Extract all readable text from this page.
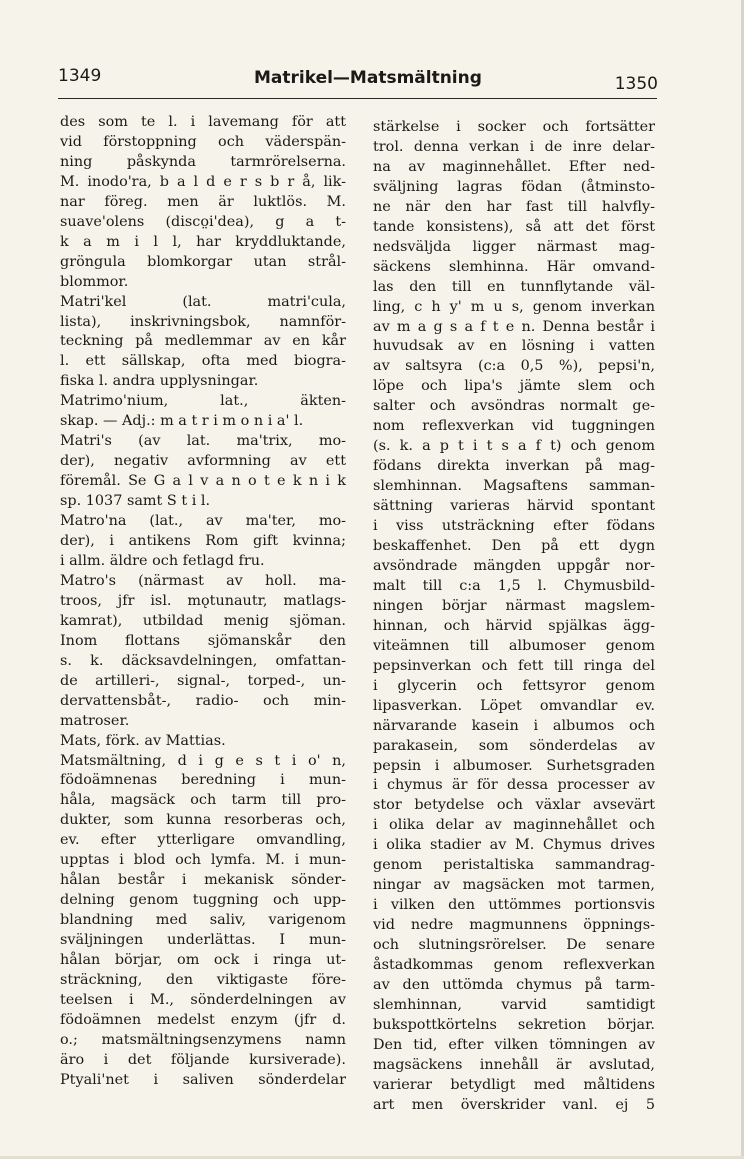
1349	Matrikel—Matsmältning	1350
des som te l. i lavemang för att
vid förstoppning och väderspän-
ning påskynda tarmrörelserna.
M. inodo'ra, b a l d e r s b r å, lik-
nar föreg. men är luktlös. M.
suave'olens (disco̤i'dea), g a t-
k a m i l l, har kryddluktande,
gröngula blomkorgar utan strål-
blommor.
Matri'kel (lat. matri'cula,
lista), inskrivningsbok, namnför-
teckning på medlemmar av en kår
l. ett sällskap, ofta med biogra-
fiska l. andra upplysningar.
Matrimo'nium, lat., äkten-
skap. — Adj.: m a t r i m o n i a' l.
Matri's (av lat. ma'trix, mo-
der), negativ avformning av ett
föremål. Se G a l v a n o t e k n i k
sp. 1037 samt S t i l.
Matro'na (lat., av ma'ter, mo-
der), i antikens Rom gift kvinna;
i allm. äldre och fetlagd fru.
Matro's (närmast av holl. ma-
troos, jfr isl. mǫtunautr, matlags-
kamrat), utbildad menig sjöman.
Inom flottans sjömanskår den
s. k. däcksavdelningen, omfattan-
de artilleri-, signal-, torped-, un-
dervattensbåt-, radio- och min-
matroser.
Mats, förk. av Mattias.
Matsmältning, d i g e s t i o' n,
födoämnenas beredning i mun-
håla, magsäck och tarm till pro-
dukter, som kunna resorberas och,
ev. efter ytterligare omvandling,
upptas i blod och lymfa. M. i mun-
hålan består i mekanisk sönder-
delning genom tuggning och upp-
blandning med saliv, varigenom
sväljningen underlättas. I mun-
hålan börjar, om ock i ringa ut-
sträckning, den viktigaste före-
teelsen i M., sönderdelningen av
födoämnen medelst enzym (jfr d.
o.; matsmältningsenzymens namn
äro i det följande kursiverade).
Ptyali'net i saliven sönderdelar
stärkelse i socker och fortsätter
trol. denna verkan i de inre delar-
na av maginnehållet. Efter ned-
sväljning lagras födan (åtminsto-
ne när den har fast till halvfly-
tande konsistens), så att det först
nedsväljda ligger närmast mag-
säckens slemhinna. Här omvand-
las den till en tunnflytande väl-
ling, c h y' m u s, genom inverkan
av m a g s a f t e n. Denna består i
huvudsak av en lösning i vatten
av saltsyra (c:a 0,5 %), pepsi'n,
löpe och lipa's jämte slem och
salter och avsöndras normalt ge-
nom reflexverkan vid tuggningen
(s. k. a p t i t s a f t) och genom
födans direkta inverkan på mag-
slemhinnan. Magsaftens samman-
sättning varieras härvid spontant
i viss utsträckning efter födans
beskaffenhet. Den på ett dygn
avsöndrade mängden uppgår nor-
malt till c:a 1,5 l. Chymusbild-
ningen börjar närmast magslem-
hinnan, och härvid spjälkas ägg-
viteämnen till albumoser genom
pepsinverkan och fett till ringa del
i glycerin och fettsyror genom
lipasverkan. Löpet omvandlar ev.
närvarande kasein i albumos och
parakasein, som sönderdelas av
pepsin i albumoser. Surhetsgraden
i chymus är för dessa processer av
stor betydelse och växlar avsevärt
i olika delar av maginnehållet och
i olika stadier av M. Chymus drives
genom peristaltiska sammandrag-
ningar av magsäcken mot tarmen,
i vilken den uttömmes portionsvis
vid nedre magmunnens öppnings-
och slutningsrörelser. De senare
åstadkommas genom reflexverkan
av den uttömda chymus på tarm-
slemhinnan, varvid samtidigt
bukspottkörtelns sekretion börjar.
Den tid, efter vilken tömningen av
magsäckens innehåll är avslutad,
varierar betydligt med måltidens
art men överskrider vanl. ej 5
